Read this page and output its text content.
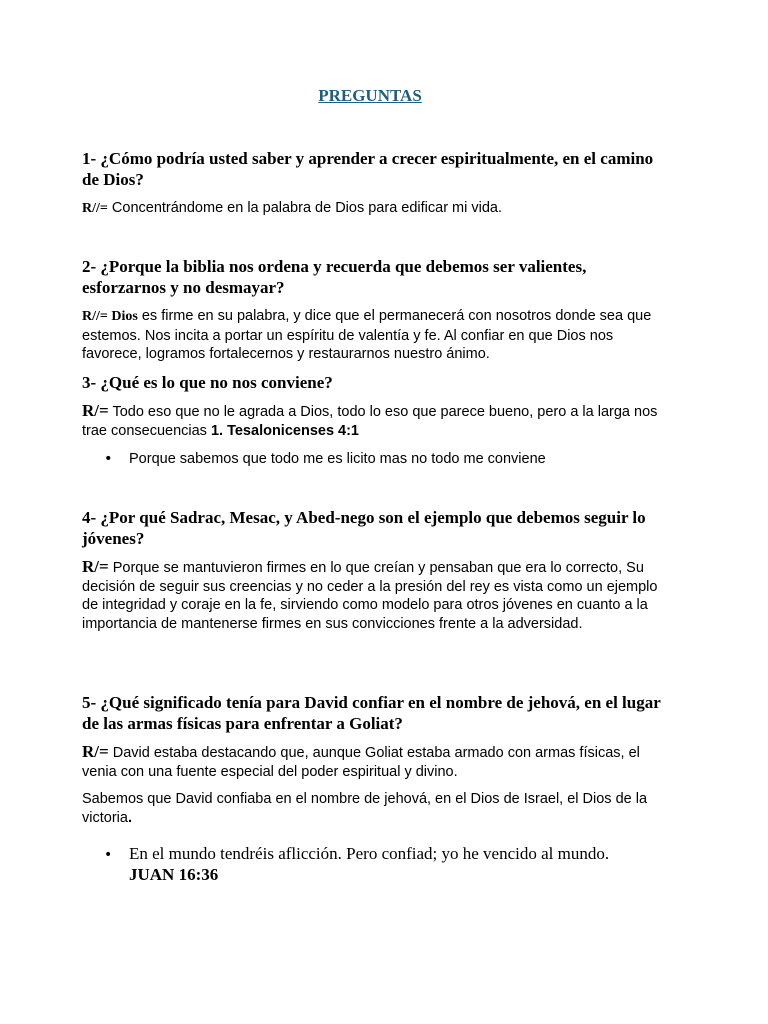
PREGUNTAS

1- ¿Cómo podría usted saber y aprender a crecer espiritualmente, en el camino de Dios?

R//= Concentrándome en la palabra de Dios para edificar mi vida.

2- ¿Porque la biblia nos ordena y recuerda que debemos ser valientes, esforzarnos y no desmayar?

R//= Dios es firme en su palabra, y dice que el permanecerá con nosotros donde sea que estemos. Nos incita a portar un espíritu de valentía y fe. Al confiar en que Dios nos favorece, logramos fortalecernos y restaurarnos nuestro ánimo.

3- ¿Qué es lo que no nos conviene?

R/= Todo eso que no le agrada a Dios, todo lo eso que parece bueno, pero a la larga nos trae consecuencias 1. Tesalonicenses 4:1

• Porque sabemos que todo me es licito mas no todo me conviene

4- ¿Por qué Sadrac, Mesac, y Abed-nego son el ejemplo que debemos seguir lo jóvenes?

R/= Porque se mantuvieron firmes en lo que creían y pensaban que era lo correcto, Su decisión de seguir sus creencias y no ceder a la presión del rey es vista como un ejemplo de integridad y coraje en la fe, sirviendo como modelo para otros jóvenes en cuanto a la importancia de mantenerse firmes en sus convicciones frente a la adversidad.

5- ¿Qué significado tenía para David confiar en el nombre de jehová, en el lugar de las armas físicas para enfrentar a Goliat?

R/= David estaba destacando que, aunque Goliat estaba armado con armas físicas, el venia con una fuente especial del poder espiritual y divino.

Sabemos que David confiaba en el nombre de jehová, en el Dios de Israel, el Dios de la victoria.

• En el mundo tendréis aflicción. Pero confiad; yo he vencido al mundo.
JUAN 16:36
